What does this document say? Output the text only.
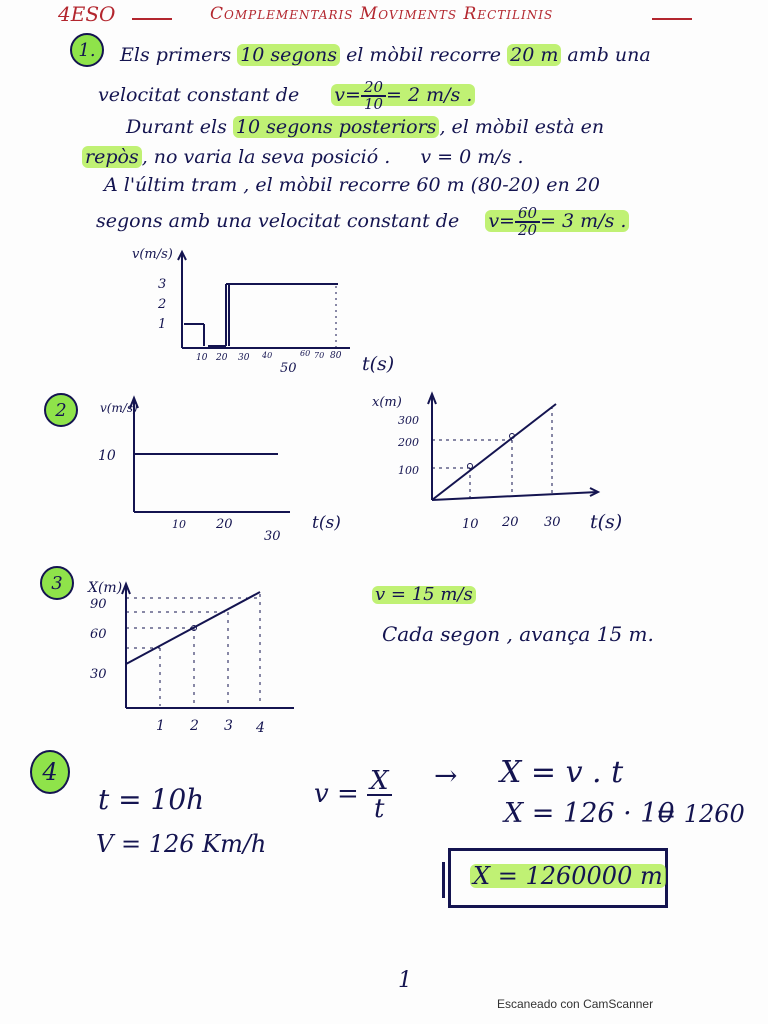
4ESO	Complementaris Moviments Rectilinis
1. Els primers 10 segons el mòbil recorre 20 m amb una
velocitat constant de $v= \frac{20}{10} = 2$ m/s .
Durant els 10 segons posteriors , el mòbil està en
repòs , no varia la seva posició . v = 0 m/s .
A l'últim tram , el mòbil recorre 60 m (80-20) en 20
segons amb una velocitat constant de $v= \frac{60}{20} = 3$ m/s .
v(m/s)
3
2
1
10 20 30 40
50
60 70 80 t(s)
2	v(m/s)
10
10 20
30
t(s)
x(m)
300
200
100
10 20 30 t(s)
3 X(m)
90
60
30
1 2 3 4
v = 15 m/s
Cada segon , avança 15 m.
4
t = 10h
V = 126 Km/h
$v = \frac{X}{t} \to X = v$ . t
X = 126 · 10
= 1260
X = 1260000 m
1
Escaneado con CamScanner
